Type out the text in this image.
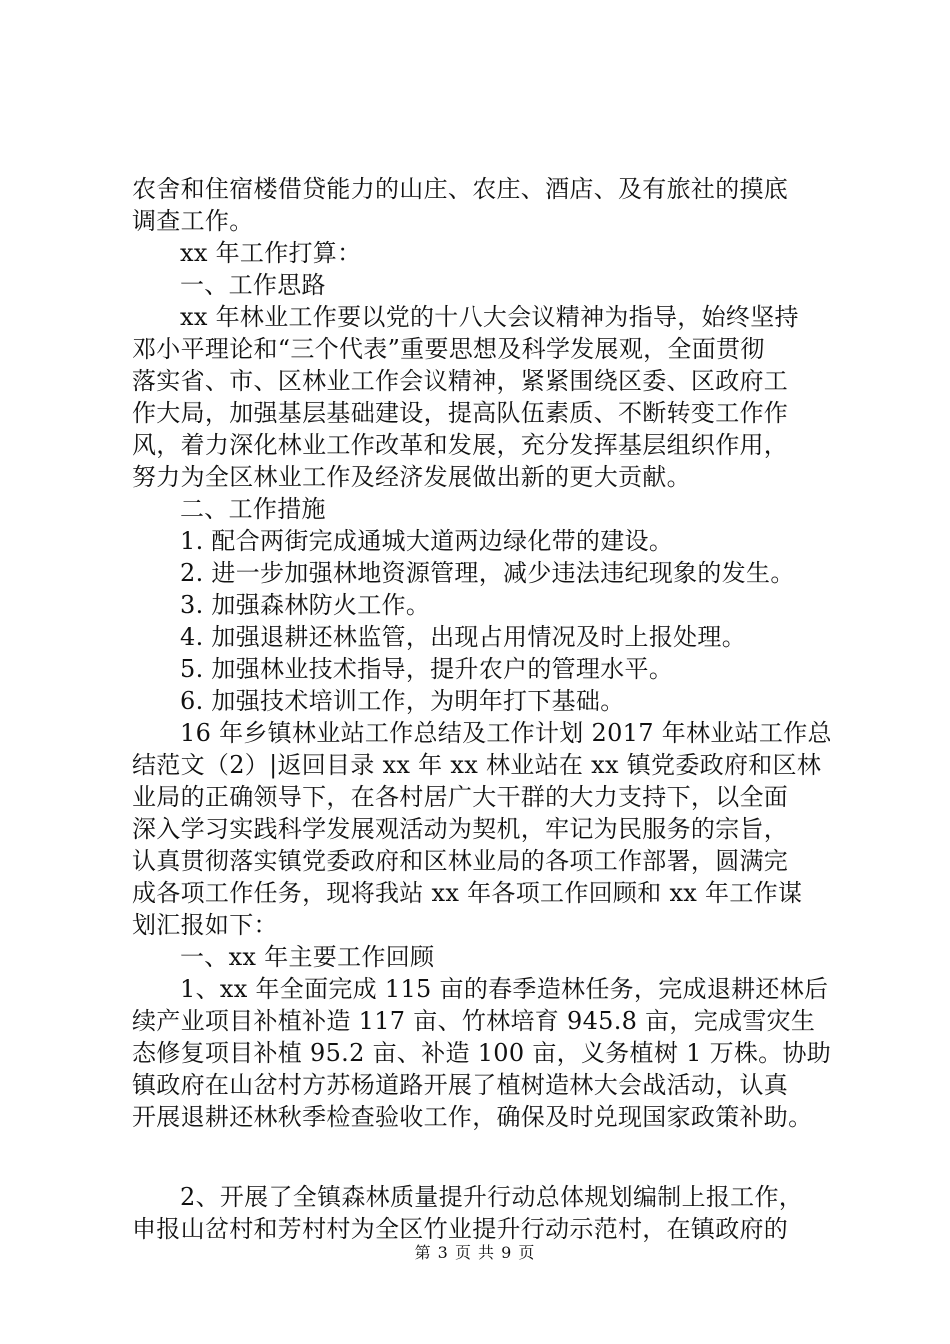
农舍和住宿楼借贷能力的山庄、农庄、酒店、及有旅社的摸底
调查工作。
xx 年工作打算：
一、工作思路
xx 年林业工作要以党的十八大会议精神为指导，始终坚持
邓小平理论和“三个代表”重要思想及科学发展观，全面贯彻
落实省、市、区林业工作会议精神，紧紧围绕区委、区政府工
作大局，加强基层基础建设，提高队伍素质、不断转变工作作
风，着力深化林业工作改革和发展，充分发挥基层组织作用，
努力为全区林业工作及经济发展做出新的更大贡献。
二、工作措施
1. 配合两街完成通城大道两边绿化带的建设。
2. 进一步加强林地资源管理，减少违法违纪现象的发生。
3. 加强森林防火工作。
4. 加强退耕还林监管，出现占用情况及时上报处理。
5. 加强林业技术指导，提升农户的管理水平。
6. 加强技术培训工作，为明年打下基础。
16 年乡镇林业站工作总结及工作计划 2017 年林业站工作总
结范文（2）|返回目录 xx 年 xx 林业站在 xx 镇党委政府和区林
业局的正确领导下，在各村居广大干群的大力支持下，以全面
深入学习实践科学发展观活动为契机，牢记为民服务的宗旨，
认真贯彻落实镇党委政府和区林业局的各项工作部署，圆满完
成各项工作任务，现将我站 xx 年各项工作回顾和 xx 年工作谋
划汇报如下：
一、xx 年主要工作回顾
1、xx 年全面完成 115 亩的春季造林任务，完成退耕还林后
续产业项目补植补造 117 亩、竹林培育 945.8 亩，完成雪灾生
态修复项目补植 95.2 亩、补造 100 亩，义务植树 1 万株。协助
镇政府在山岔村方苏杨道路开展了植树造林大会战活动，认真
开展退耕还林秋季检查验收工作，确保及时兑现国家政策补助。
2、开展了全镇森林质量提升行动总体规划编制上报工作，
申报山岔村和芳村村为全区竹业提升行动示范村，在镇政府的
第 3 页 共 9 页
